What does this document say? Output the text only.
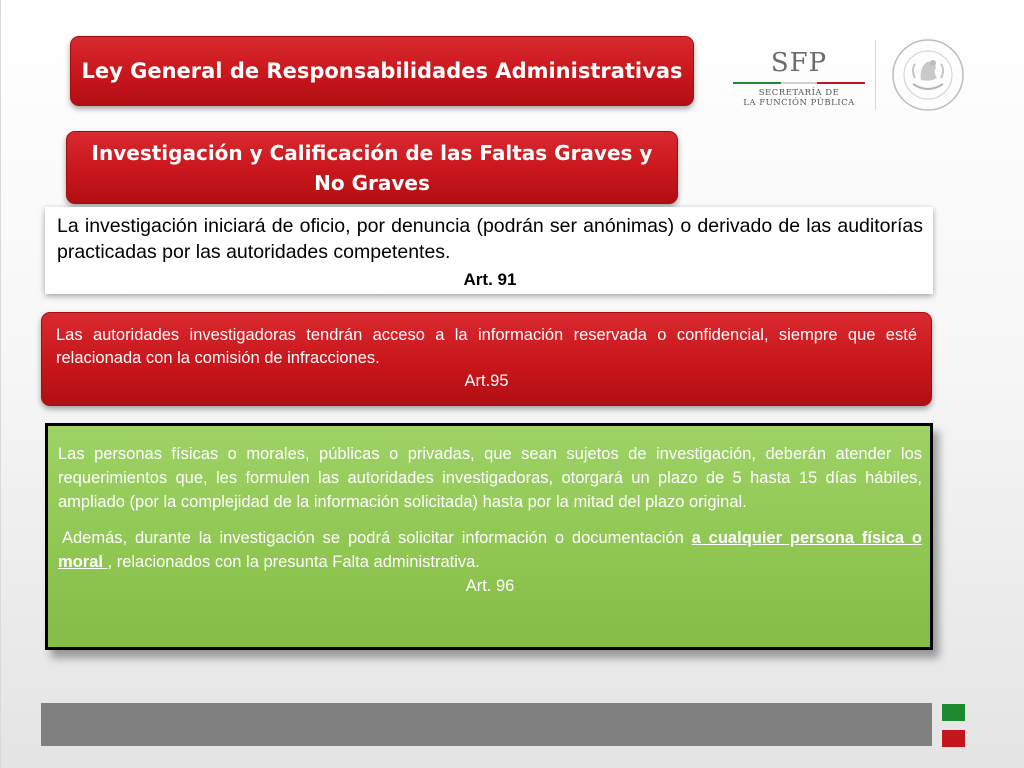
Ley General de Responsabilidades Administrativas
Investigación y Calificación de las Faltas Graves y No Graves
SFP
SECRETARÍA DE
LA FUNCIÓN PÚBLICA
La investigación iniciará de oficio, por denuncia (podrán ser anónimas) o derivado de las auditorías practicadas por las autoridades competentes.
Art. 91
Las autoridades investigadoras tendrán acceso a la información reservada o confidencial, siempre que esté relacionada con la comisión de infracciones.
Art.95
Las personas físicas o morales, públicas o privadas, que sean sujetos de investigación, deberán atender los requerimientos que, les formulen las autoridades investigadoras, otorgará un plazo de 5 hasta 15 días hábiles, ampliado (por la complejidad de la información solicitada) hasta por la mitad del plazo original.
Además, durante la investigación se podrá solicitar información o documentación a cualquier persona física o moral , relacionados con la presunta Falta administrativa.
Art. 96
